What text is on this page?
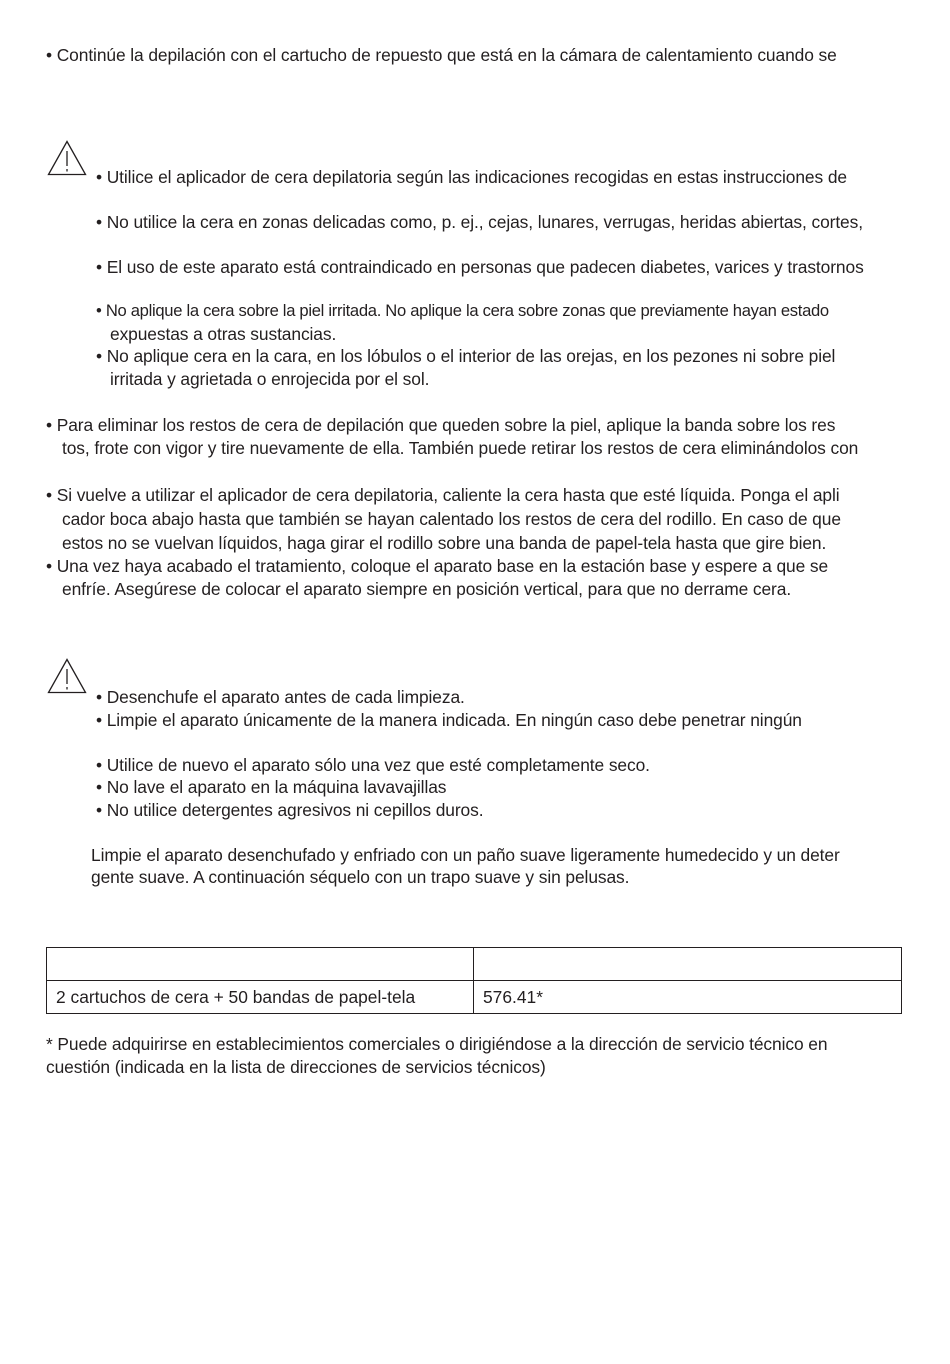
• Continúe la depilación con el cartucho de repuesto que está en la cámara de calentamiento cuando se
• Utilice el aplicador de cera depilatoria según las indicaciones recogidas en estas instrucciones de
• No utilice la cera en zonas delicadas como, p. ej., cejas, lunares, verrugas, heridas abiertas, cortes,
• El uso de este aparato está contraindicado en personas que padecen diabetes, varices y trastornos
• No aplique la cera sobre la piel irritada. No aplique la cera sobre zonas que previamente hayan estado
expuestas a otras sustancias.
• No aplique cera en la cara, en los lóbulos o el interior de las orejas, en los pezones ni sobre piel
irritada y agrietada o enrojecida por el sol.
• Para eliminar los restos de cera de depilación que queden sobre la piel, aplique la banda sobre los res
tos, frote con vigor y tire nuevamente de ella. También puede retirar los restos de cera eliminándolos con
• Si vuelve a utilizar el aplicador de cera depilatoria, caliente la cera hasta que esté líquida. Ponga el apli
cador boca abajo hasta que también se hayan calentado los restos de cera del rodillo. En caso de que
estos no se vuelvan líquidos, haga girar el rodillo sobre una banda de papel-tela hasta que gire bien.
• Una vez haya acabado el tratamiento, coloque el aparato base en la estación base y espere a que se
enfríe. Asegúrese de colocar el aparato siempre en posición vertical, para que no derrame cera.
• Desenchufe el aparato antes de cada limpieza.
• Limpie el aparato únicamente de la manera indicada. En ningún caso debe penetrar ningún
• Utilice de nuevo el aparato sólo una vez que esté completamente seco.
• No lave el aparato en la máquina lavavajillas
• No utilice detergentes agresivos ni cepillos duros.
Limpie el aparato desenchufado y enfriado con un paño suave ligeramente humedecido y un deter
gente suave. A continuación séquelo con un trapo suave y sin pelusas.

2 cartuchos de cera + 50 bandas de papel-tela	576.41*
* Puede adquirirse en establecimientos comerciales o dirigiéndose a la dirección de servicio técnico en
cuestión (indicada en la lista de direcciones de servicios técnicos)
